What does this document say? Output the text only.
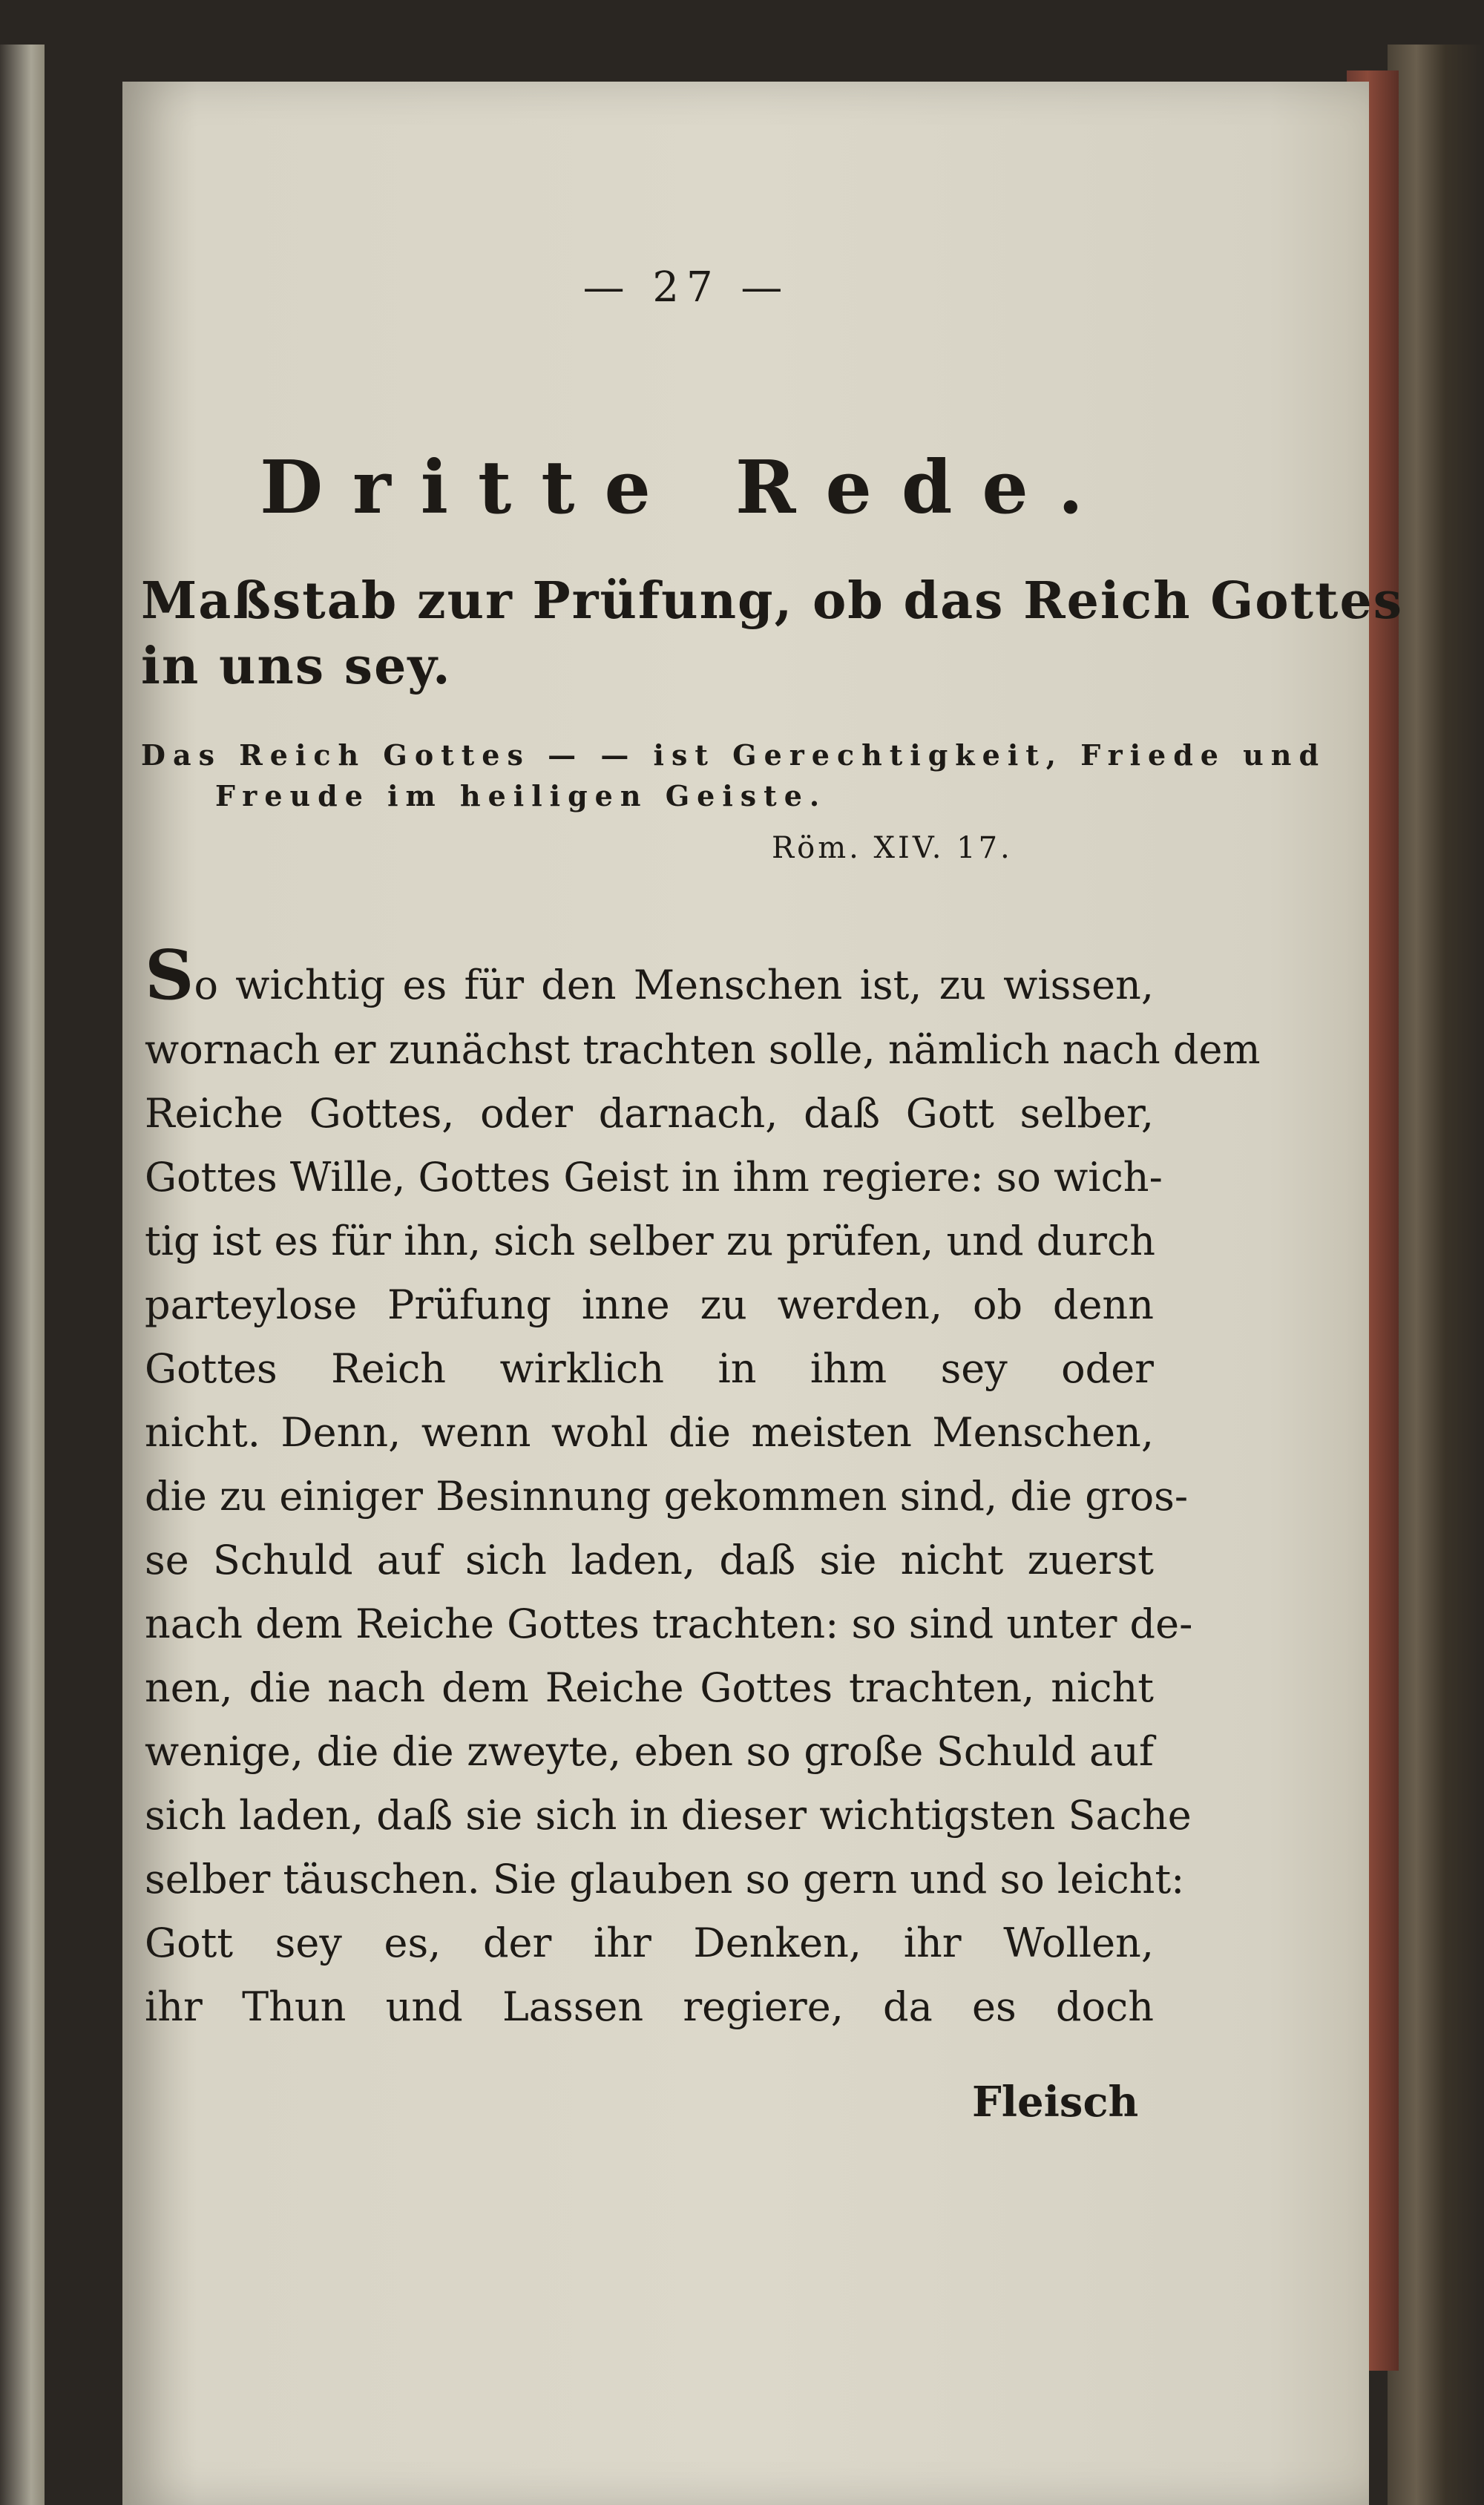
— 27 —
Dritte Rede.
Maßstab zur Prüfung, ob das Reich Gottes
in uns sey.
Das Reich Gottes — — ist Gerechtigkeit, Friede und
Freude im heiligen Geiste.
Röm. XIV. 17.
So wichtig es für den Menschen ist, zu wissen,
wornach er zunächst trachten solle, nämlich nach dem
Reiche Gottes, oder darnach, daß Gott selber,
Gottes Wille, Gottes Geist in ihm regiere: so wich-
tig ist es für ihn, sich selber zu prüfen, und durch
parteylose Prüfung inne zu werden, ob denn
Gottes Reich wirklich in ihm sey oder
nicht. Denn, wenn wohl die meisten Menschen,
die zu einiger Besinnung gekommen sind, die gros-
se Schuld auf sich laden, daß sie nicht zuerst
nach dem Reiche Gottes trachten: so sind unter de-
nen, die nach dem Reiche Gottes trachten, nicht
wenige, die die zweyte, eben so große Schuld auf
sich laden, daß sie sich in dieser wichtigsten Sache
selber täuschen. Sie glauben so gern und so leicht:
Gott sey es, der ihr Denken, ihr Wollen,
ihr Thun und Lassen regiere, da es doch
Fleisch
